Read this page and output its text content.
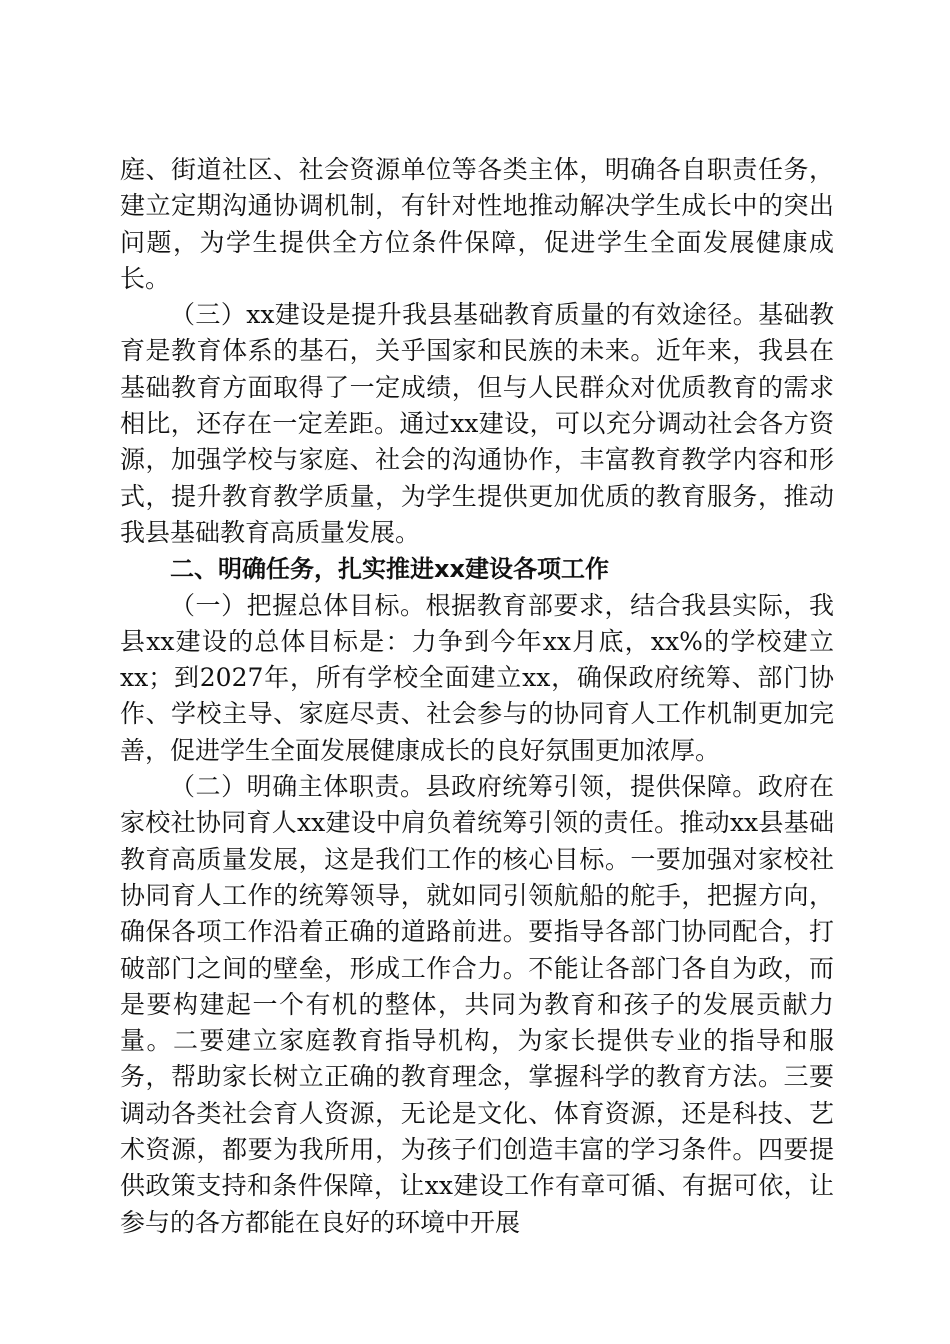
庭、街道社区、社会资源单位等各类主体，明确各自职责任务，建立定期沟通协调机制，有针对性地推动解决学生成长中的突出问题，为学生提供全方位条件保障，促进学生全面发展健康成长。

（三）xx建设是提升我县基础教育质量的有效途径。基础教育是教育体系的基石，关乎国家和民族的未来。近年来，我县在基础教育方面取得了一定成绩，但与人民群众对优质教育的需求相比，还存在一定差距。通过xx建设，可以充分调动社会各方资源，加强学校与家庭、社会的沟通协作，丰富教育教学内容和形式，提升教育教学质量，为学生提供更加优质的教育服务，推动我县基础教育高质量发展。

二、明确任务，扎实推进xx建设各项工作

（一）把握总体目标。根据教育部要求，结合我县实际，我县xx建设的总体目标是：力争到今年xx月底，xx%的学校建立xx；到2027年，所有学校全面建立xx，确保政府统筹、部门协作、学校主导、家庭尽责、社会参与的协同育人工作机制更加完善，促进学生全面发展健康成长的良好氛围更加浓厚。

（二）明确主体职责。县政府统筹引领，提供保障。政府在家校社协同育人xx建设中肩负着统筹引领的责任。推动xx县基础教育高质量发展，这是我们工作的核心目标。一要加强对家校社协同育人工作的统筹领导，就如同引领航船的舵手，把握方向，确保各项工作沿着正确的道路前进。要指导各部门协同配合，打破部门之间的壁垒，形成工作合力。不能让各部门各自为政，而是要构建起一个有机的整体，共同为教育和孩子的发展贡献力量。二要建立家庭教育指导机构，为家长提供专业的指导和服务，帮助家长树立正确的教育理念，掌握科学的教育方法。三要调动各类社会育人资源，无论是文化、体育资源，还是科技、艺术资源，都要为我所用，为孩子们创造丰富的学习条件。四要提供政策支持和条件保障，让xx建设工作有章可循、有据可依，让参与的各方都能在良好的环境中开展
